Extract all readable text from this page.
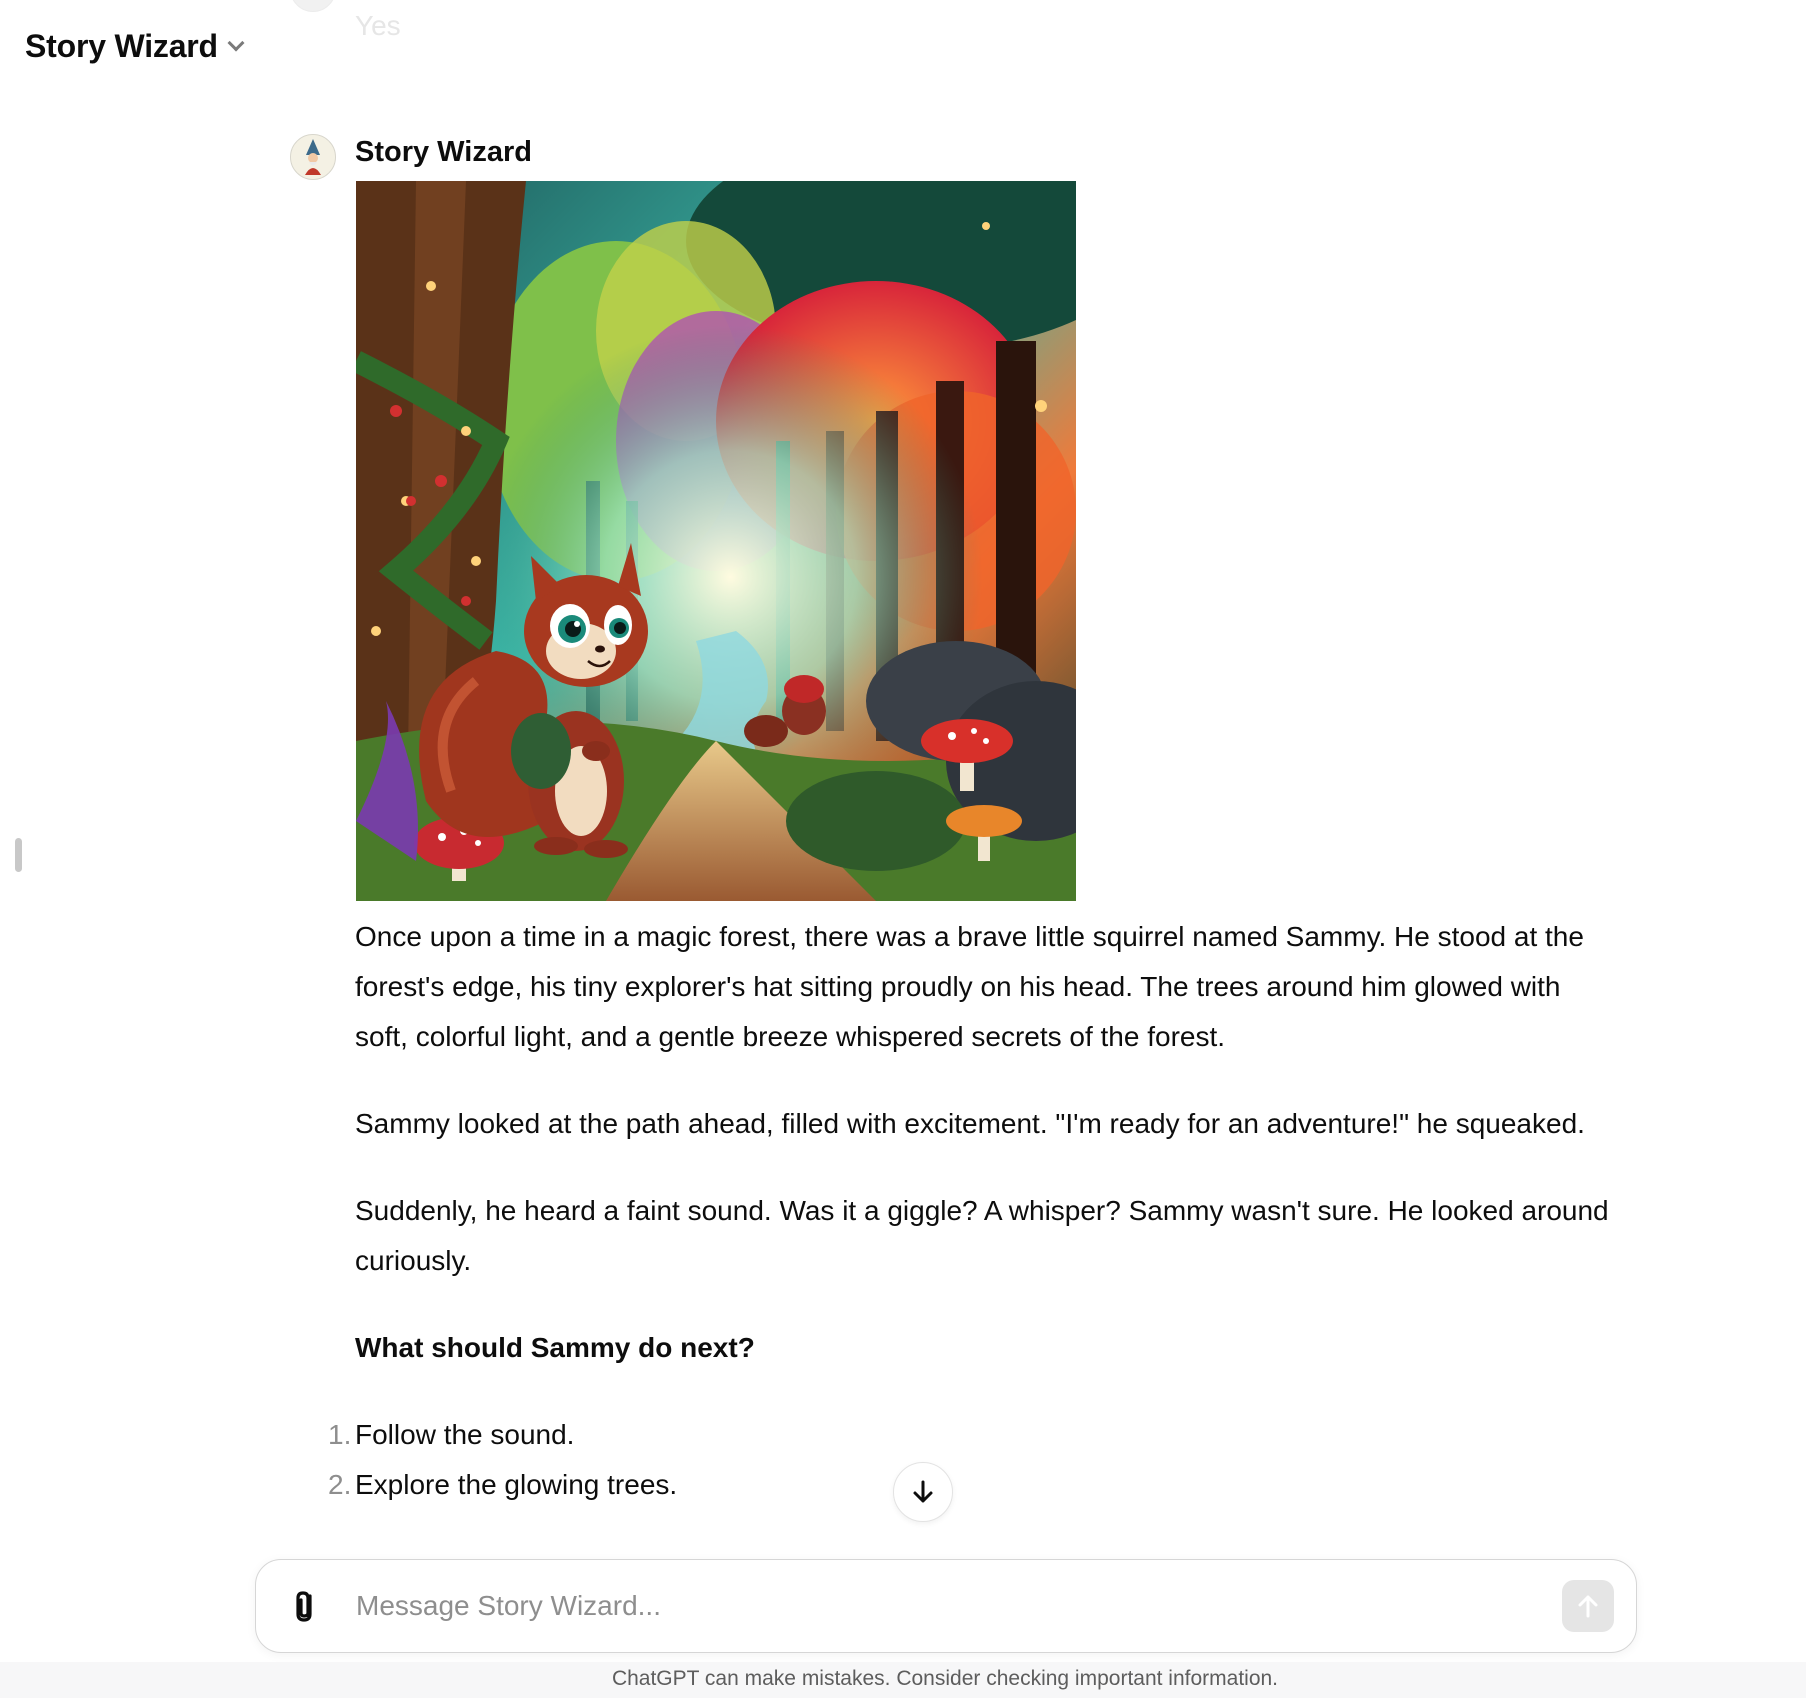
Yes
Story Wizard
Story Wizard

Once upon a time in a magic forest, there was a brave little squirrel named Sammy. He stood at the forest's edge, his tiny explorer's hat sitting proudly on his head. The trees around him glowed with soft, colorful light, and a gentle breeze whispered secrets of the forest.

Sammy looked at the path ahead, filled with excitement. "I'm ready for an adventure!" he squeaked.

Suddenly, he heard a faint sound. Was it a giggle? A whisper? Sammy wasn't sure. He looked around curiously.

What should Sammy do next?

1. Follow the sound.
2. Explore the glowing trees.
Message Story Wizard...
ChatGPT can make mistakes. Consider checking important information.
